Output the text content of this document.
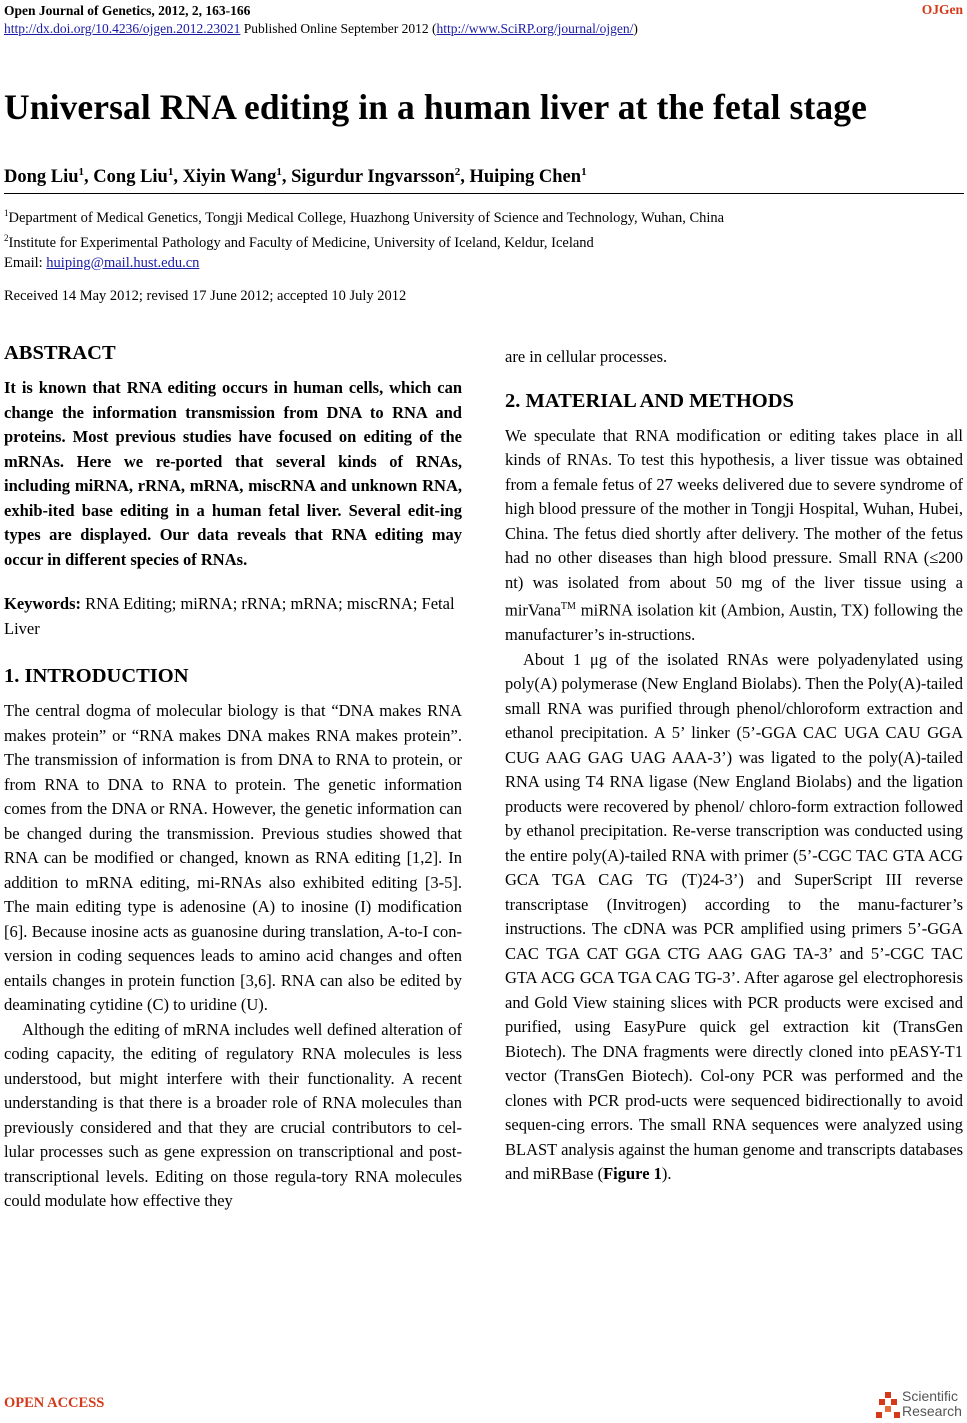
Open Journal of Genetics, 2012, 2, 163-166
http://dx.doi.org/10.4236/ojgen.2012.23021 Published Online September 2012 (http://www.SciRP.org/journal/ojgen/)
OJGen
Universal RNA editing in a human liver at the fetal stage
Dong Liu$^1$, Cong Liu$^1$, Xiyin Wang$^1$, Sigurdur Ingvarsson$^2$, Huiping Chen$^1$
$^1$Department of Medical Genetics, Tongji Medical College, Huazhong University of Science and Technology, Wuhan, China
$^2$Institute for Experimental Pathology and Faculty of Medicine, University of Iceland, Keldur, Iceland
Email: huiping@mail.hust.edu.cn
Received 14 May 2012; revised 17 June 2012; accepted 10 July 2012
ABSTRACT

It is known that RNA editing occurs in human cells, which can change the information transmission from DNA to RNA and proteins. Most previous studies have focused on editing of the mRNAs. Here we re-ported that several kinds of RNAs, including miRNA, rRNA, mRNA, miscRNA and unknown RNA, exhib-ited base editing in a human fetal liver. Several edit-ing types are displayed. Our data reveals that RNA editing may occur in different species of RNAs.

Keywords: RNA Editing; miRNA; rRNA; mRNA; miscRNA; Fetal Liver

1. INTRODUCTION

The central dogma of molecular biology is that “DNA makes RNA makes protein” or “RNA makes DNA makes RNA makes protein”. The transmission of information is from DNA to RNA to protein, or from RNA to DNA to RNA to protein. The genetic information comes from the DNA or RNA. However, the genetic information can be changed during the transmission. Previous studies showed that RNA can be modified or changed, known as RNA editing [1,2]. In addition to mRNA editing, mi-RNAs also exhibited editing [3-5]. The main editing type is adenosine (A) to inosine (I) modification [6]. Because inosine acts as guanosine during translation, A-to-I con-version in coding sequences leads to amino acid changes and often entails changes in protein function [3,6]. RNA can also be edited by deaminating cytidine (C) to uridine (U).

Although the editing of mRNA includes well defined alteration of coding capacity, the editing of regulatory RNA molecules is less understood, but might interfere with their functionality. A recent understanding is that there is a broader role of RNA molecules than previously considered and that they are crucial contributors to cel-lular processes such as gene expression on transcriptional and post-transcriptional levels. Editing on those regula-tory RNA molecules could modulate how effective they

are in cellular processes.

2. MATERIAL AND METHODS

We speculate that RNA modification or editing takes place in all kinds of RNAs. To test this hypothesis, a liver tissue was obtained from a female fetus of 27 weeks delivered due to severe syndrome of high blood pressure of the mother in Tongji Hospital, Wuhan, Hubei, China. The fetus died shortly after delivery. The mother of the fetus had no other diseases than high blood pressure. Small RNA (≤200 nt) was isolated from about 50 mg of the liver tissue using a mirVana™ miRNA isolation kit (Ambion, Austin, TX) following the manufacturer’s in-structions.

About 1 μg of the isolated RNAs were polyadenylated using poly(A) polymerase (New England Biolabs). Then the Poly(A)-tailed small RNA was purified through phenol/chloroform extraction and ethanol precipitation. A 5’ linker (5’-GGA CAC UGA CAU GGA CUG AAG GAG UAG AAA-3’) was ligated to the poly(A)-tailed RNA using T4 RNA ligase (New England Biolabs) and the ligation products were recovered by phenol/ chloro-form extraction followed by ethanol precipitation. Re-verse transcription was conducted using the entire poly(A)-tailed RNA with primer (5’-CGC TAC GTA ACG GCA TGA CAG TG (T)24-3’) and SuperScript III reverse transcriptase (Invitrogen) according to the manu-facturer’s instructions. The cDNA was PCR amplified using primers 5’-GGA CAC TGA CAT GGA CTG AAG GAG TA-3’ and 5’-CGC TAC GTA ACG GCA TGA CAG TG-3’. After agarose gel electrophoresis and Gold View staining slices with PCR products were excised and purified, using EasyPure quick gel extraction kit (TransGen Biotech). The DNA fragments were directly cloned into pEASY-T1 vector (TransGen Biotech). Col-ony PCR was performed and the clones with PCR prod-ucts were sequenced bidirectionally to avoid sequen-cing errors. The small RNA sequences were analyzed using BLAST analysis against the human genome and transcripts databases and miRBase (Figure 1).

OPEN ACCESS	Scientific
Research
